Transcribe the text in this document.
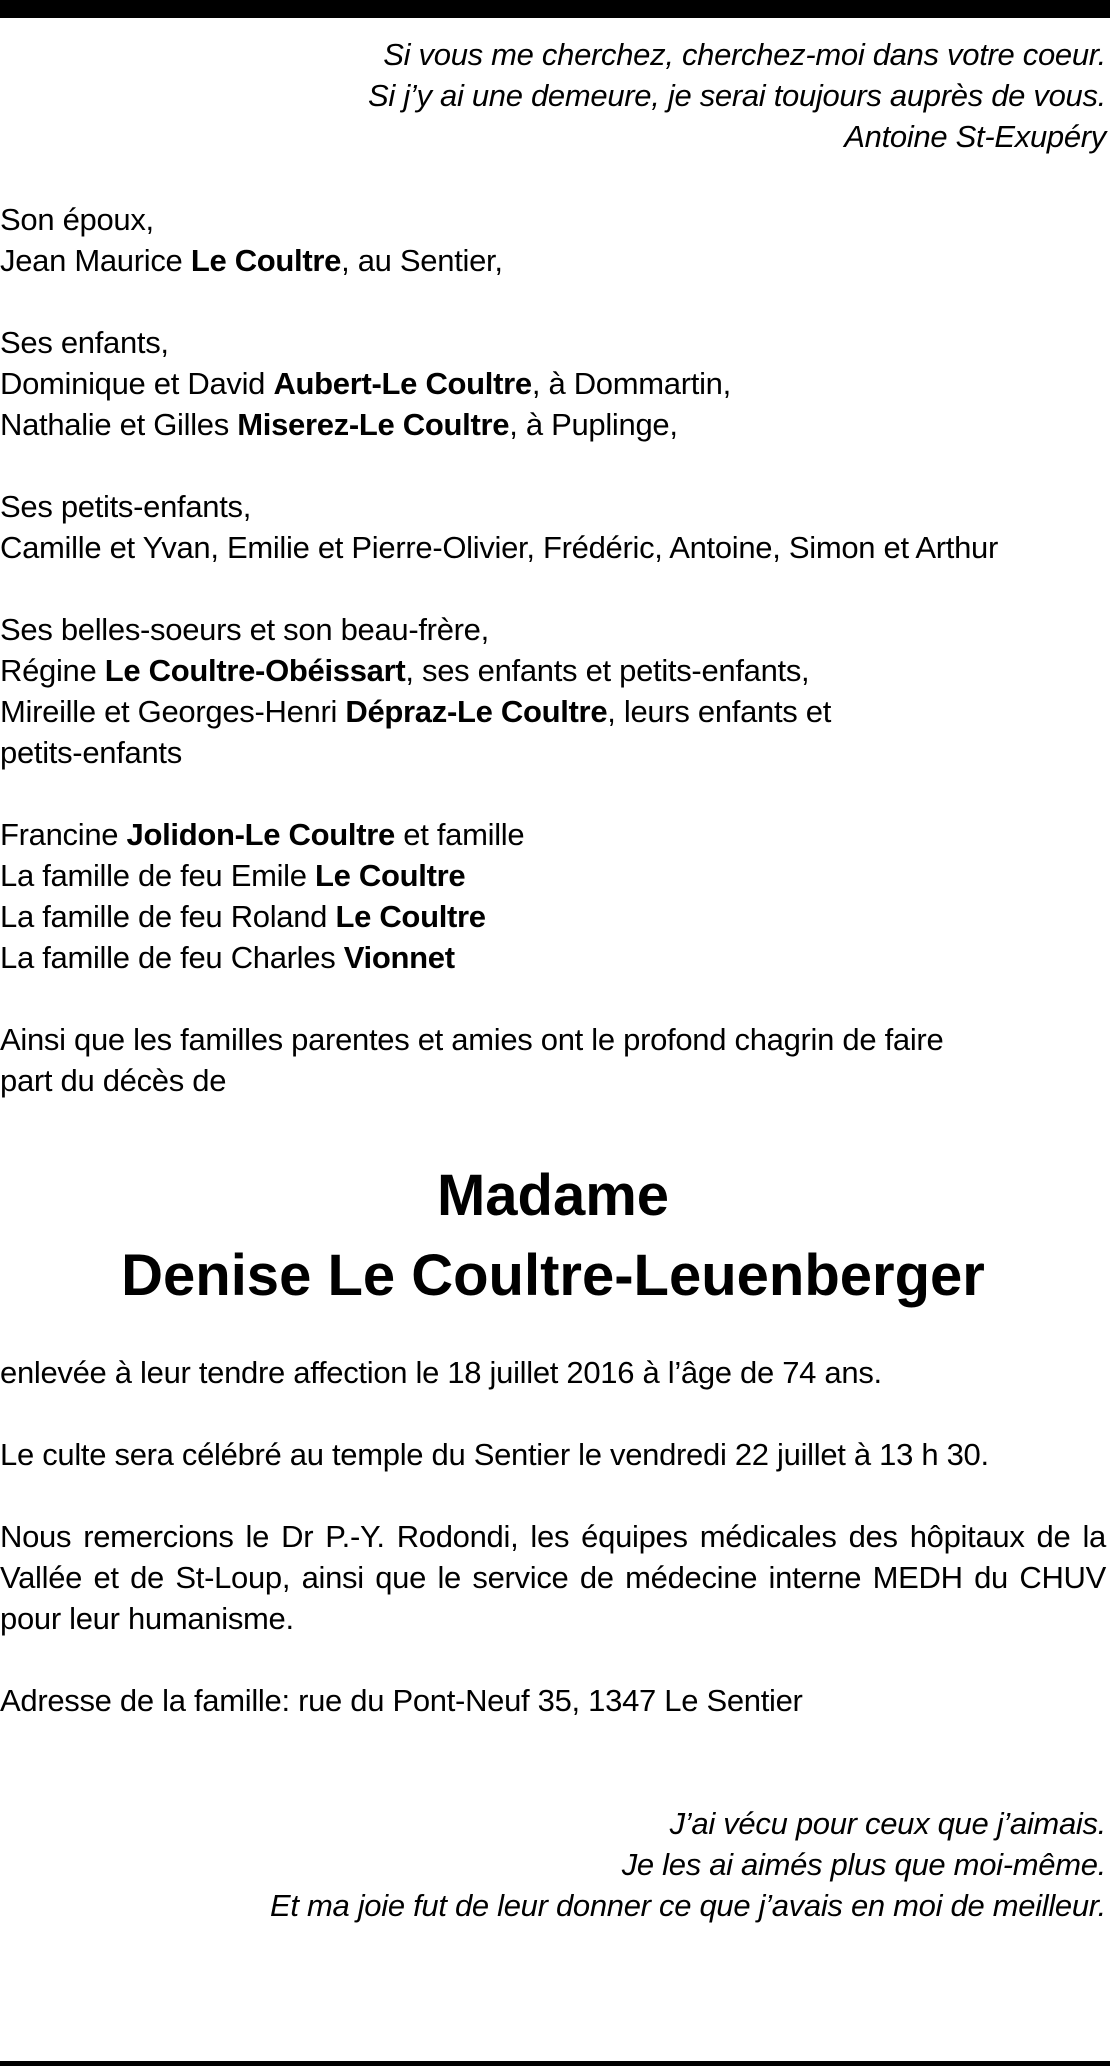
Si vous me cherchez, cherchez-moi dans votre coeur.
Si j’y ai une demeure, je serai toujours auprès de vous.
Antoine St-Exupéry
Son époux,
Jean Maurice Le Coultre, au Sentier,
Ses enfants,
Dominique et David Aubert-Le Coultre, à Dommartin,
Nathalie et Gilles Miserez-Le Coultre, à Puplinge,
Ses petits-enfants,
Camille et Yvan, Emilie et Pierre-Olivier, Frédéric, Antoine, Simon et Arthur
Ses belles-soeurs et son beau-frère,
Régine Le Coultre-Obéissart, ses enfants et petits-enfants,
Mireille et Georges-Henri Dépraz-Le Coultre, leurs enfants et
petits-enfants
Francine Jolidon-Le Coultre et famille
La famille de feu Emile Le Coultre
La famille de feu Roland Le Coultre
La famille de feu Charles Vionnet
Ainsi que les familles parentes et amies ont le profond chagrin de faire
part du décès de
Madame
Denise Le Coultre-Leuenberger
enlevée à leur tendre affection le 18 juillet 2016 à l’âge de 74 ans.
Le culte sera célébré au temple du Sentier le vendredi 22 juillet à 13 h 30.
Nous remercions le Dr P.-Y. Rodondi, les équipes médicales des hôpitaux de la Vallée et de St-Loup, ainsi que le service de médecine interne MEDH du CHUV pour leur humanisme.
Adresse de la famille: rue du Pont-Neuf 35, 1347 Le Sentier
J’ai vécu pour ceux que j’aimais.
Je les ai aimés plus que moi-même.
Et ma joie fut de leur donner ce que j’avais en moi de meilleur.
